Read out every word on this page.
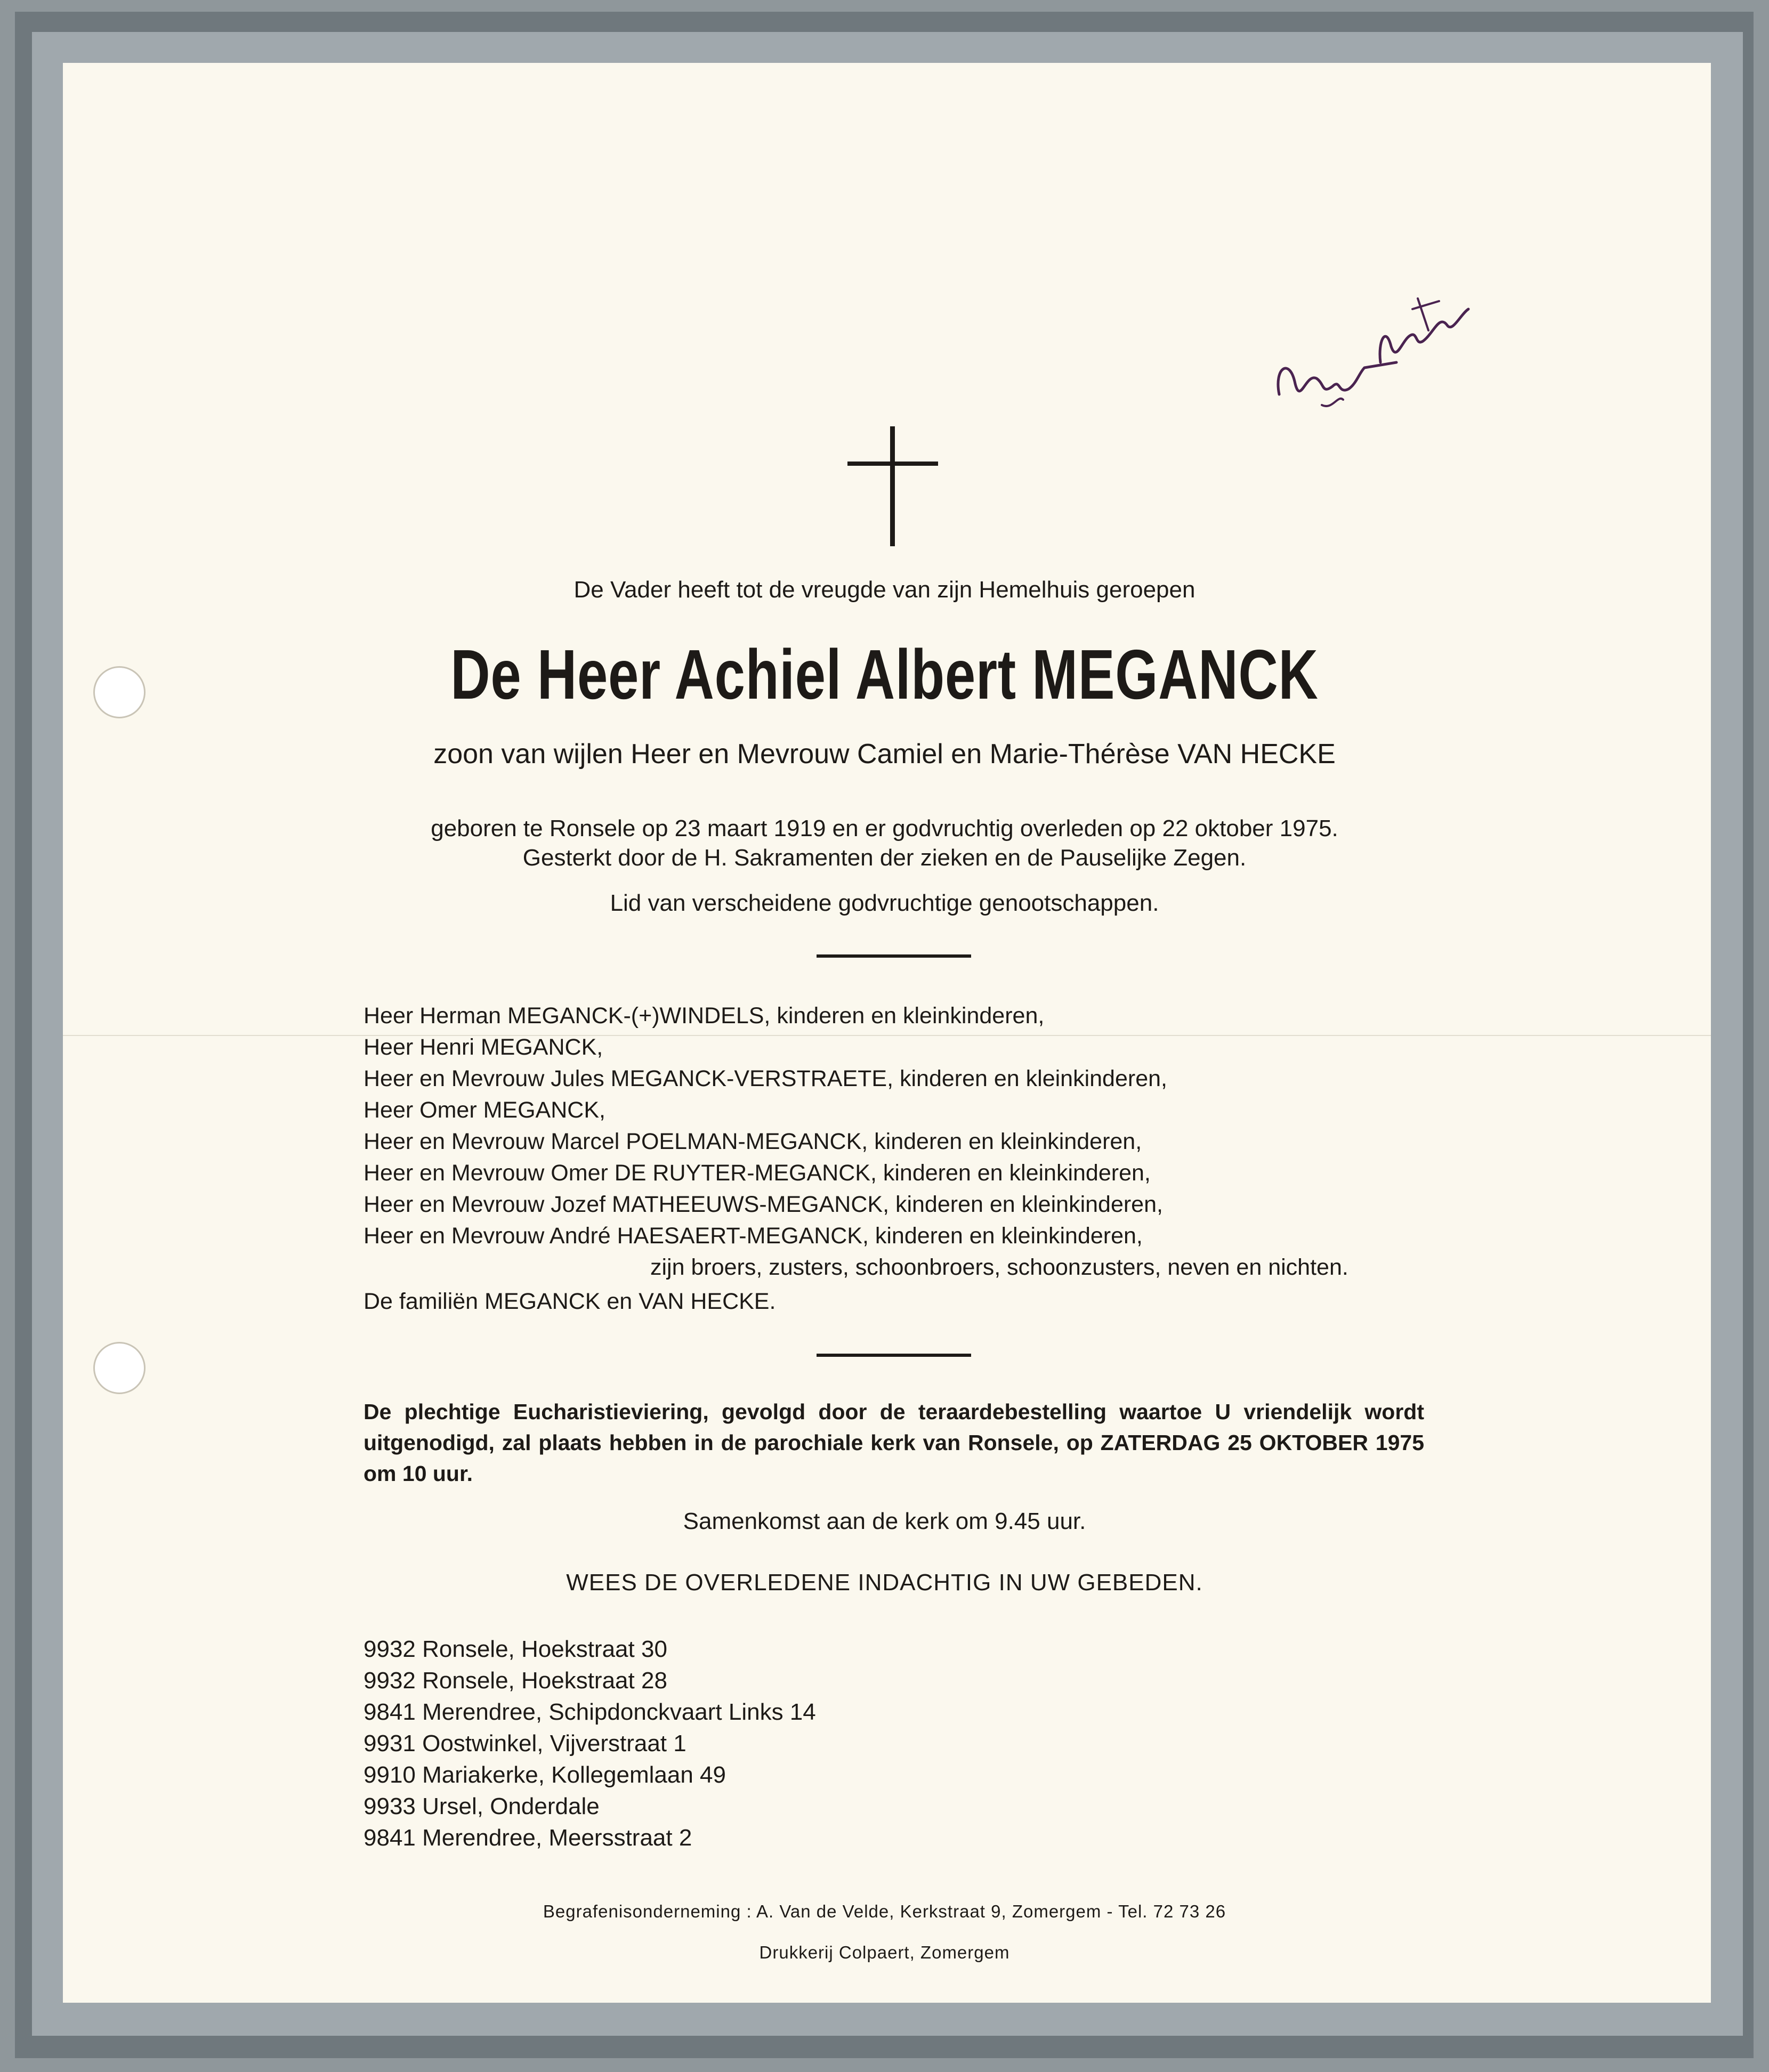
De Vader heeft tot de vreugde van zijn Hemelhuis geroepen
De Heer Achiel Albert MEGANCK
zoon van wijlen Heer en Mevrouw Camiel en Marie-Thérèse VAN HECKE
geboren te Ronsele op 23 maart 1919 en er godvruchtig overleden op 22 oktober 1975.
Gesterkt door de H. Sakramenten der zieken en de Pauselijke Zegen.
Lid van verscheidene godvruchtige genootschappen.
Heer Herman MEGANCK-(+)WINDELS, kinderen en kleinkinderen,
Heer Henri MEGANCK,
Heer en Mevrouw Jules MEGANCK-VERSTRAETE, kinderen en kleinkinderen,
Heer Omer MEGANCK,
Heer en Mevrouw Marcel POELMAN-MEGANCK, kinderen en kleinkinderen,
Heer en Mevrouw Omer DE RUYTER-MEGANCK, kinderen en kleinkinderen,
Heer en Mevrouw Jozef MATHEEUWS-MEGANCK, kinderen en kleinkinderen,
Heer en Mevrouw André HAESAERT-MEGANCK, kinderen en kleinkinderen,
zijn broers, zusters, schoonbroers, schoonzusters, neven en nichten.
De familiën MEGANCK en VAN HECKE.
De plechtige Eucharistieviering, gevolgd door de teraardebestelling waartoe U vriendelijk wordt uitgenodigd, zal plaats hebben in de parochiale kerk van Ronsele, op ZATERDAG 25 OKTOBER 1975 om 10 uur.
Samenkomst aan de kerk om 9.45 uur.
WEES DE OVERLEDENE INDACHTIG IN UW GEBEDEN.
9932 Ronsele, Hoekstraat 30
9932 Ronsele, Hoekstraat 28
9841 Merendree, Schipdonckvaart Links 14
9931 Oostwinkel, Vijverstraat 1
9910 Mariakerke, Kollegemlaan 49
9933 Ursel, Onderdale
9841 Merendree, Meersstraat 2
Begrafenisonderneming : A. Van de Velde, Kerkstraat 9, Zomergem - Tel. 72 73 26
Drukkerij Colpaert, Zomergem
